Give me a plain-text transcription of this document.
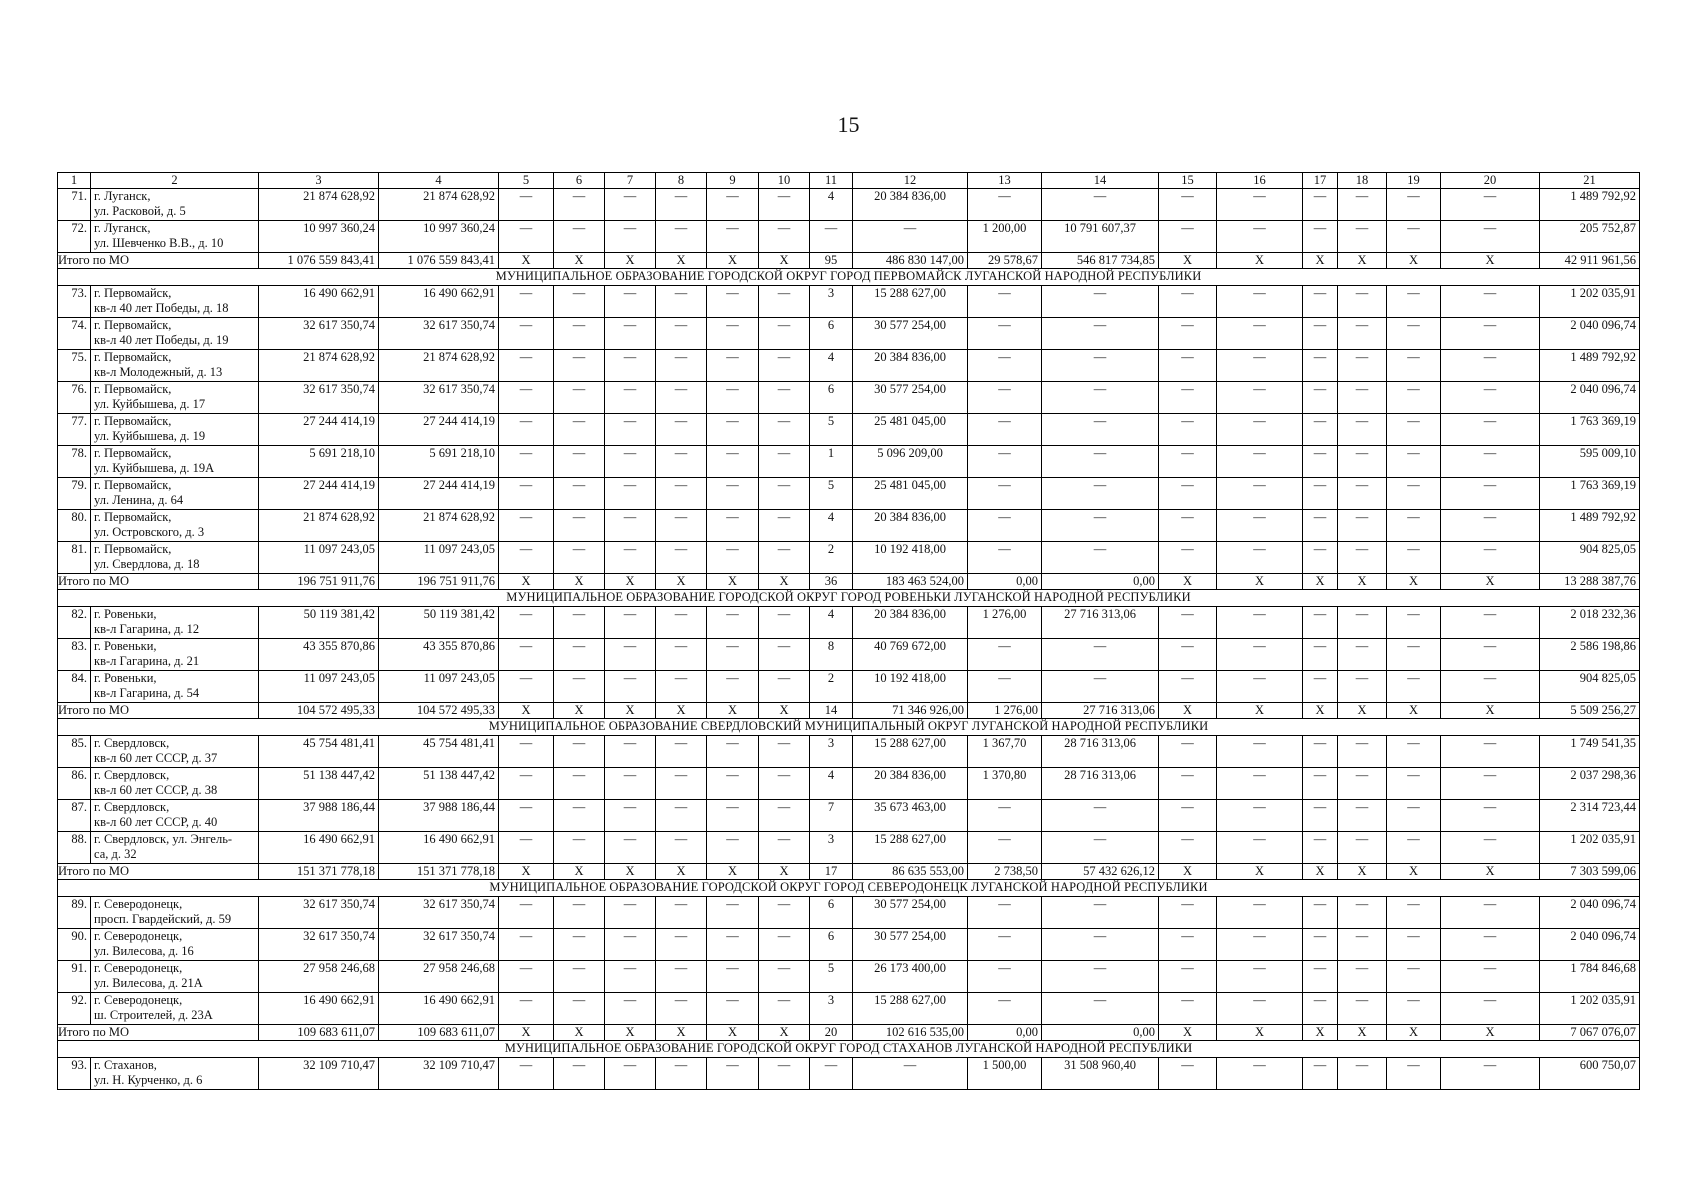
15
1	2	3	4	5	6	7	8	9	10	11	12	13	14	15	16	17	18	19	20	21
71.	г. Луганск,
ул. Расковой, д. 5	21 874 628,92	21 874 628,92	—	—	—	—	—	—	4	20 384 836,00	—	—	—	—	—	—	—	—	1 489 792,92
72.	г. Луганск,
ул. Шевченко В.В., д. 10	10 997 360,24	10 997 360,24	—	—	—	—	—	—	—	—	1 200,00	10 791 607,37	—	—	—	—	—	—	205 752,87
Итого по МО		1 076 559 843,41	1 076 559 843,41	X	X	X	X	X	X	95	486 830 147,00	29 578,67	546 817 734,85	X	X	X	X	X	X	42 911 961,56
МУНИЦИПАЛЬНОЕ ОБРАЗОВАНИЕ ГОРОДСКОЙ ОКРУГ ГОРОД ПЕРВОМАЙСК ЛУГАНСКОЙ НАРОДНОЙ РЕСПУБЛИКИ																				
73.	г. Первомайск,
кв-л 40 лет Победы, д. 18	16 490 662,91	16 490 662,91	—	—	—	—	—	—	3	15 288 627,00	—	—	—	—	—	—	—	—	1 202 035,91
74.	г. Первомайск,
кв-л 40 лет Победы, д. 19	32 617 350,74	32 617 350,74	—	—	—	—	—	—	6	30 577 254,00	—	—	—	—	—	—	—	—	2 040 096,74
75.	г. Первомайск,
кв-л Молодежный, д. 13	21 874 628,92	21 874 628,92	—	—	—	—	—	—	4	20 384 836,00	—	—	—	—	—	—	—	—	1 489 792,92
76.	г. Первомайск,
ул. Куйбышева, д. 17	32 617 350,74	32 617 350,74	—	—	—	—	—	—	6	30 577 254,00	—	—	—	—	—	—	—	—	2 040 096,74
77.	г. Первомайск,
ул. Куйбышева, д. 19	27 244 414,19	27 244 414,19	—	—	—	—	—	—	5	25 481 045,00	—	—	—	—	—	—	—	—	1 763 369,19
78.	г. Первомайск,
ул. Куйбышева, д. 19А	5 691 218,10	5 691 218,10	—	—	—	—	—	—	1	5 096 209,00	—	—	—	—	—	—	—	—	595 009,10
79.	г. Первомайск,
ул. Ленина, д. 64	27 244 414,19	27 244 414,19	—	—	—	—	—	—	5	25 481 045,00	—	—	—	—	—	—	—	—	1 763 369,19
80.	г. Первомайск,
ул. Островского, д. 3	21 874 628,92	21 874 628,92	—	—	—	—	—	—	4	20 384 836,00	—	—	—	—	—	—	—	—	1 489 792,92
81.	г. Первомайск,
ул. Свердлова, д. 18	11 097 243,05	11 097 243,05	—	—	—	—	—	—	2	10 192 418,00	—	—	—	—	—	—	—	—	904 825,05
Итого по МО		196 751 911,76	196 751 911,76	X	X	X	X	X	X	36	183 463 524,00	0,00	0,00	X	X	X	X	X	X	13 288 387,76
МУНИЦИПАЛЬНОЕ ОБРАЗОВАНИЕ ГОРОДСКОЙ ОКРУГ ГОРОД РОВЕНЬКИ ЛУГАНСКОЙ НАРОДНОЙ РЕСПУБЛИКИ																				
82.	г. Ровеньки,
кв-л Гагарина, д. 12	50 119 381,42	50 119 381,42	—	—	—	—	—	—	4	20 384 836,00	1 276,00	27 716 313,06	—	—	—	—	—	—	2 018 232,36
83.	г. Ровеньки,
кв-л Гагарина, д. 21	43 355 870,86	43 355 870,86	—	—	—	—	—	—	8	40 769 672,00	—	—	—	—	—	—	—	—	2 586 198,86
84.	г. Ровеньки,
кв-л Гагарина, д. 54	11 097 243,05	11 097 243,05	—	—	—	—	—	—	2	10 192 418,00	—	—	—	—	—	—	—	—	904 825,05
Итого по МО		104 572 495,33	104 572 495,33	X	X	X	X	X	X	14	71 346 926,00	1 276,00	27 716 313,06	X	X	X	X	X	X	5 509 256,27
МУНИЦИПАЛЬНОЕ ОБРАЗОВАНИЕ СВЕРДЛОВСКИЙ МУНИЦИПАЛЬНЫЙ ОКРУГ ЛУГАНСКОЙ НАРОДНОЙ РЕСПУБЛИКИ																				
85.	г. Свердловск,
кв-л 60 лет СССР, д. 37	45 754 481,41	45 754 481,41	—	—	—	—	—	—	3	15 288 627,00	1 367,70	28 716 313,06	—	—	—	—	—	—	1 749 541,35
86.	г. Свердловск,
кв-л 60 лет СССР, д. 38	51 138 447,42	51 138 447,42	—	—	—	—	—	—	4	20 384 836,00	1 370,80	28 716 313,06	—	—	—	—	—	—	2 037 298,36
87.	г. Свердловск,
кв-л 60 лет СССР, д. 40	37 988 186,44	37 988 186,44	—	—	—	—	—	—	7	35 673 463,00	—	—	—	—	—	—	—	—	2 314 723,44
88.	г. Свердловск, ул. Энгель-
са, д. 32	16 490 662,91	16 490 662,91	—	—	—	—	—	—	3	15 288 627,00	—	—	—	—	—	—	—	—	1 202 035,91
Итого по МО		151 371 778,18	151 371 778,18	X	X	X	X	X	X	17	86 635 553,00	2 738,50	57 432 626,12	X	X	X	X	X	X	7 303 599,06
МУНИЦИПАЛЬНОЕ ОБРАЗОВАНИЕ ГОРОДСКОЙ ОКРУГ ГОРОД СЕВЕРОДОНЕЦК ЛУГАНСКОЙ НАРОДНОЙ РЕСПУБЛИКИ																				
89.	г. Северодонецк,
просп. Гвардейский, д. 59	32 617 350,74	32 617 350,74	—	—	—	—	—	—	6	30 577 254,00	—	—	—	—	—	—	—	—	2 040 096,74
90.	г. Северодонецк,
ул. Вилесова, д. 16	32 617 350,74	32 617 350,74	—	—	—	—	—	—	6	30 577 254,00	—	—	—	—	—	—	—	—	2 040 096,74
91.	г. Северодонецк,
ул. Вилесова, д. 21А	27 958 246,68	27 958 246,68	—	—	—	—	—	—	5	26 173 400,00	—	—	—	—	—	—	—	—	1 784 846,68
92.	г. Северодонецк,
ш. Строителей, д. 23А	16 490 662,91	16 490 662,91	—	—	—	—	—	—	3	15 288 627,00	—	—	—	—	—	—	—	—	1 202 035,91
Итого по МО		109 683 611,07	109 683 611,07	X	X	X	X	X	X	20	102 616 535,00	0,00	0,00	X	X	X	X	X	X	7 067 076,07
МУНИЦИПАЛЬНОЕ ОБРАЗОВАНИЕ ГОРОДСКОЙ ОКРУГ ГОРОД СТАХАНОВ ЛУГАНСКОЙ НАРОДНОЙ РЕСПУБЛИКИ																				
93.	г. Стаханов,
ул. Н. Курченко, д. 6	32 109 710,47	32 109 710,47	—	—	—	—	—	—	—	—	1 500,00	31 508 960,40	—	—	—	—	—	—	600 750,07
